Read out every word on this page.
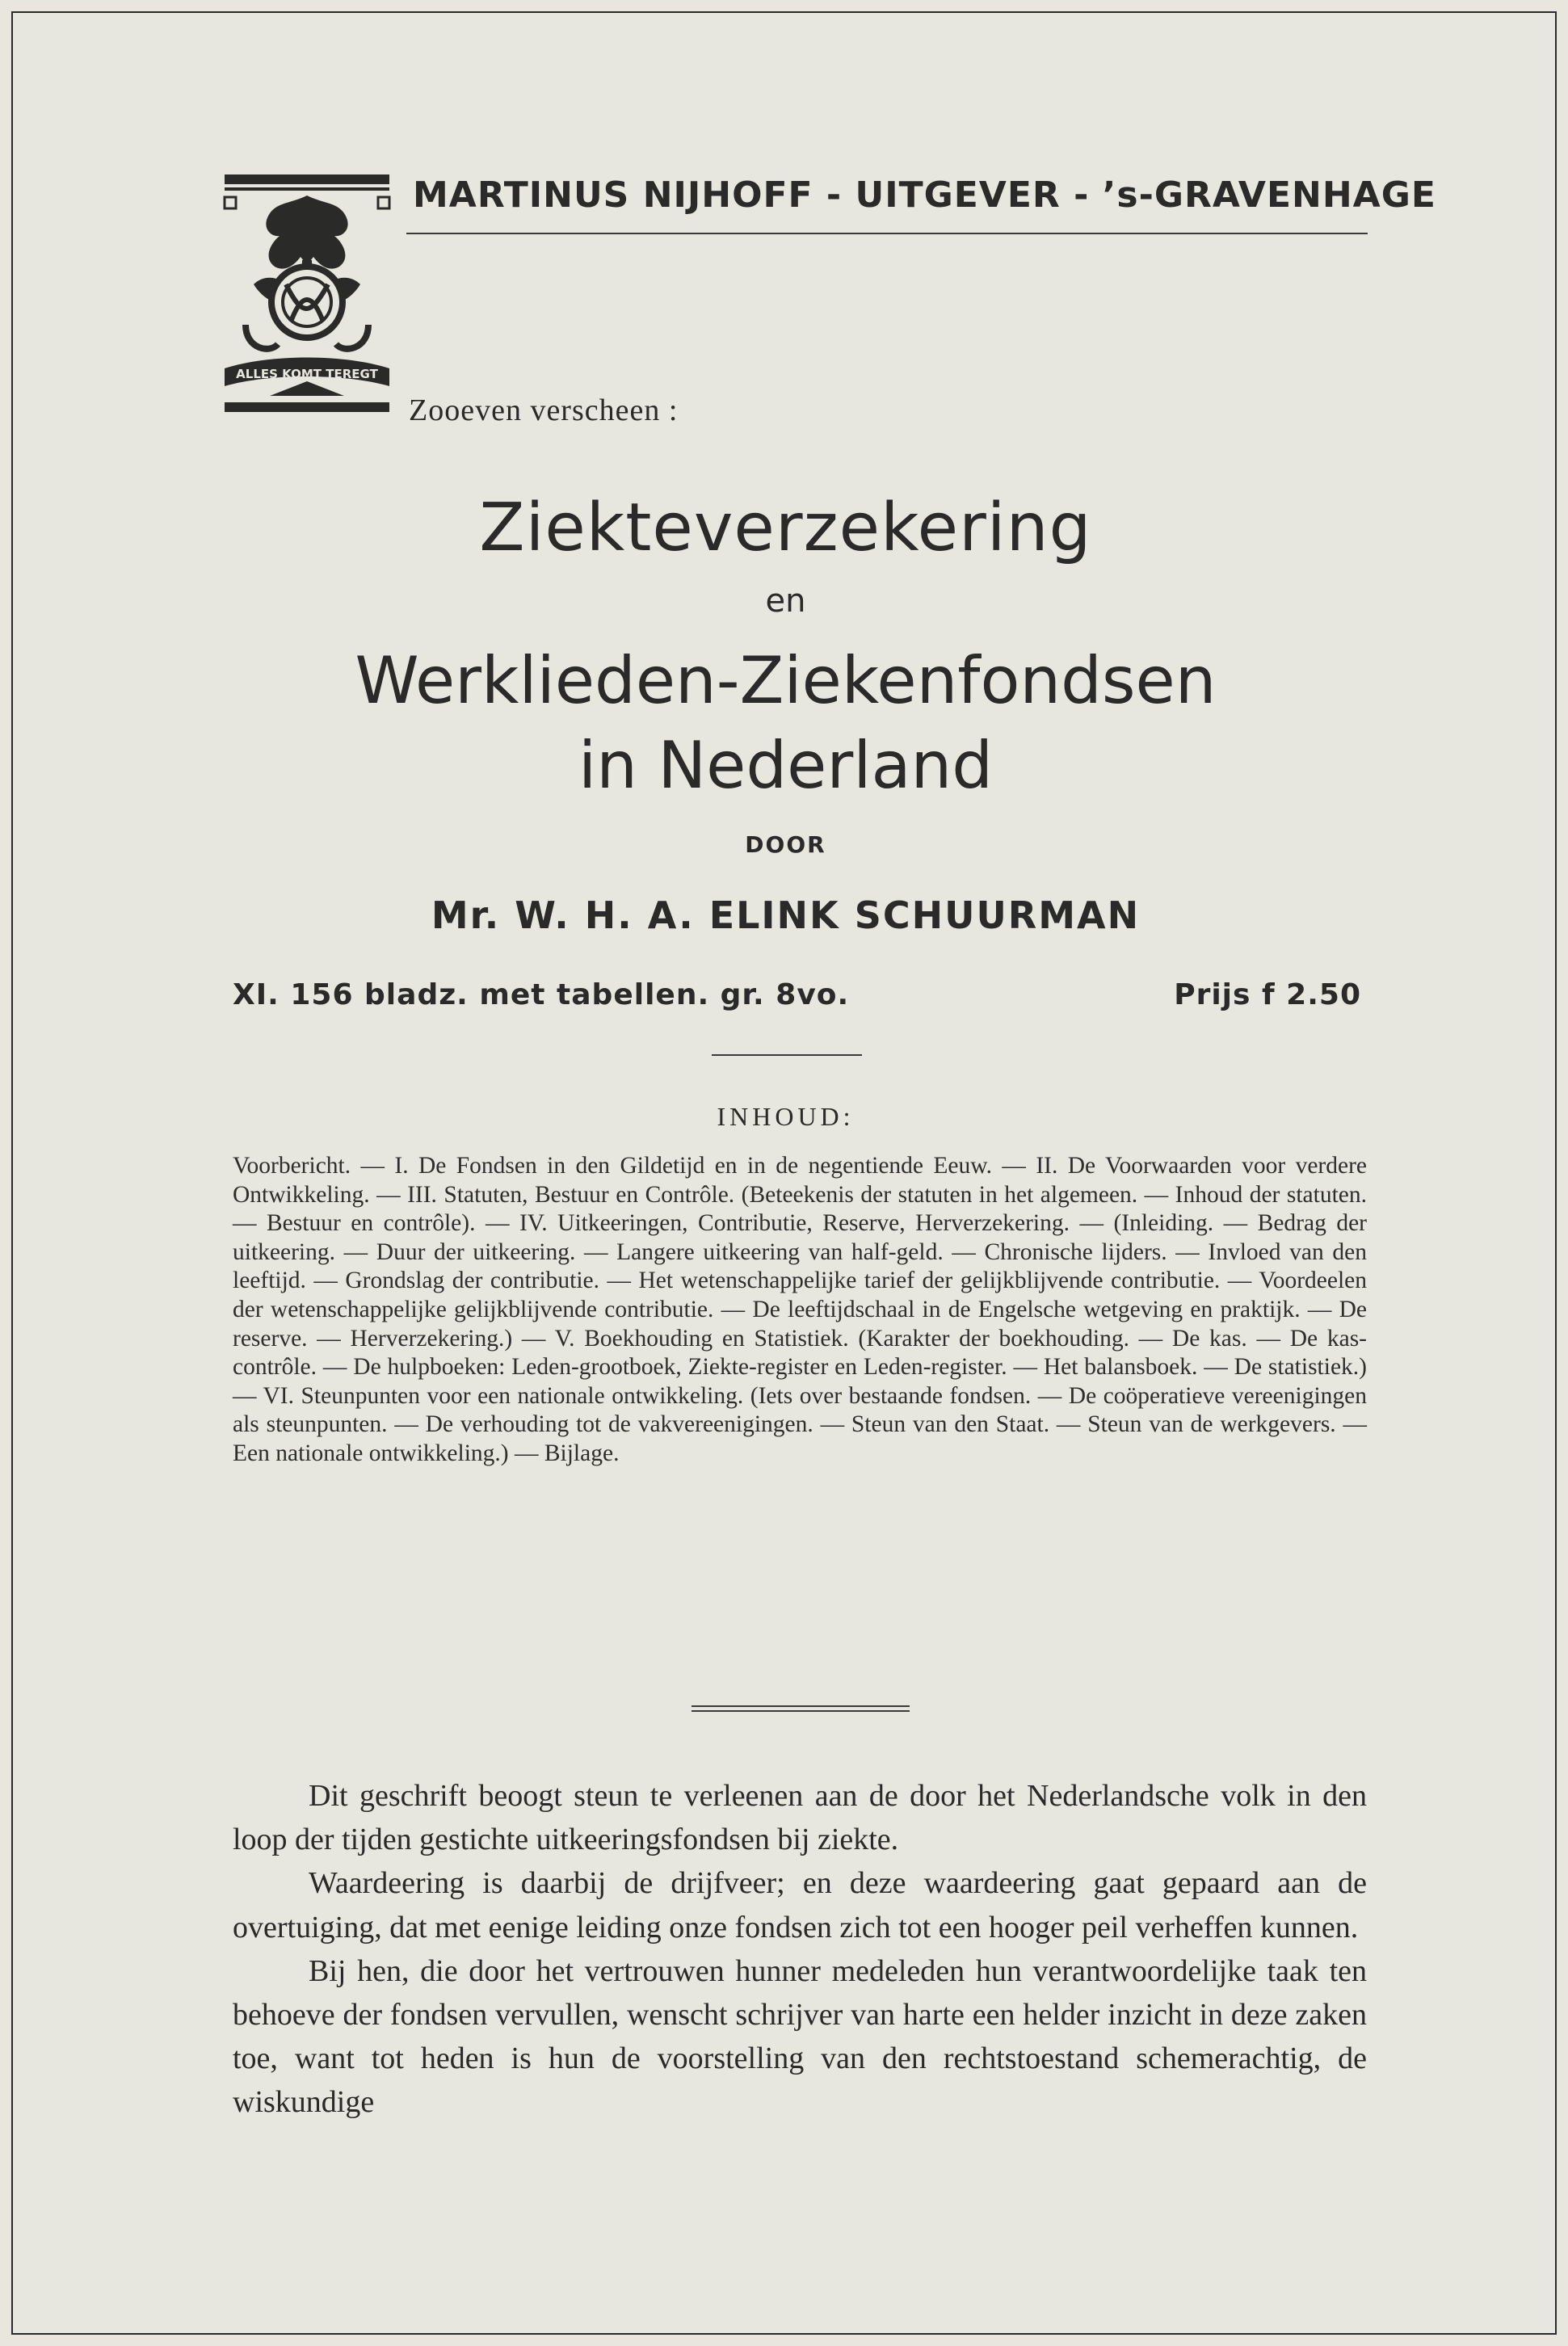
ALLES KOMT TEREGT
MARTINUS NIJHOFF - UITGEVER - ’s-GRAVENHAGE
Zooeven verscheen :
Ziekteverzekering
en
Werklieden-Ziekenfondsen
in Nederland
DOOR
Mr. W. H. A. ELINK SCHUURMAN
XI. 156 bladz. met tabellen. gr. 8vo.	Prijs f 2.50
INHOUD:
Voorbericht. — I. De Fondsen in den Gildetijd en in de negentiende Eeuw. — II. De Voorwaarden voor verdere Ontwikkeling. — III. Statuten, Bestuur en Contrôle. (Beteekenis der statuten in het algemeen. — Inhoud der statuten. — Bestuur en contrôle). — IV. Uitkeeringen, Contributie, Reserve, Herverzekering. — (Inleiding. — Bedrag der uitkeering. — Duur der uitkeering. — Langere uitkeering van half-geld. — Chronische lijders. — Invloed van den leeftijd. — Grondslag der contributie. — Het wetenschappelijke tarief der gelijkblijvende contributie. — Voordeelen der wetenschappelijke gelijkblijvende contributie. — De leeftijdschaal in de Engelsche wetgeving en praktijk. — De reserve. — Herverzekering.) — V. Boekhouding en Statistiek. (Karakter der boekhouding. — De kas. — De kas-contrôle. — De hulpboeken: Leden-grootboek, Ziekte-register en Leden-register. — Het balansboek. — De statistiek.) — VI. Steunpunten voor een nationale ontwikkeling. (Iets over bestaande fondsen. — De coöperatieve vereenigingen als steunpunten. — De verhouding tot de vakvereenigingen. — Steun van den Staat. — Steun van de werkgevers. — Een nationale ontwikkeling.) — Bijlage.

Dit geschrift beoogt steun te verleenen aan de door het Nederlandsche volk in den loop der tijden gestichte uitkeeringsfondsen bij ziekte.

Waardeering is daarbij de drijfveer; en deze waardeering gaat gepaard aan de overtuiging, dat met eenige leiding onze fondsen zich tot een hooger peil verheffen kunnen.

Bij hen, die door het vertrouwen hunner medeleden hun verantwoordelijke taak ten behoeve der fondsen vervullen, wenscht schrijver van harte een helder inzicht in deze zaken toe, want tot heden is hun de voorstelling van den rechtstoestand schemerachtig, de wiskundige
